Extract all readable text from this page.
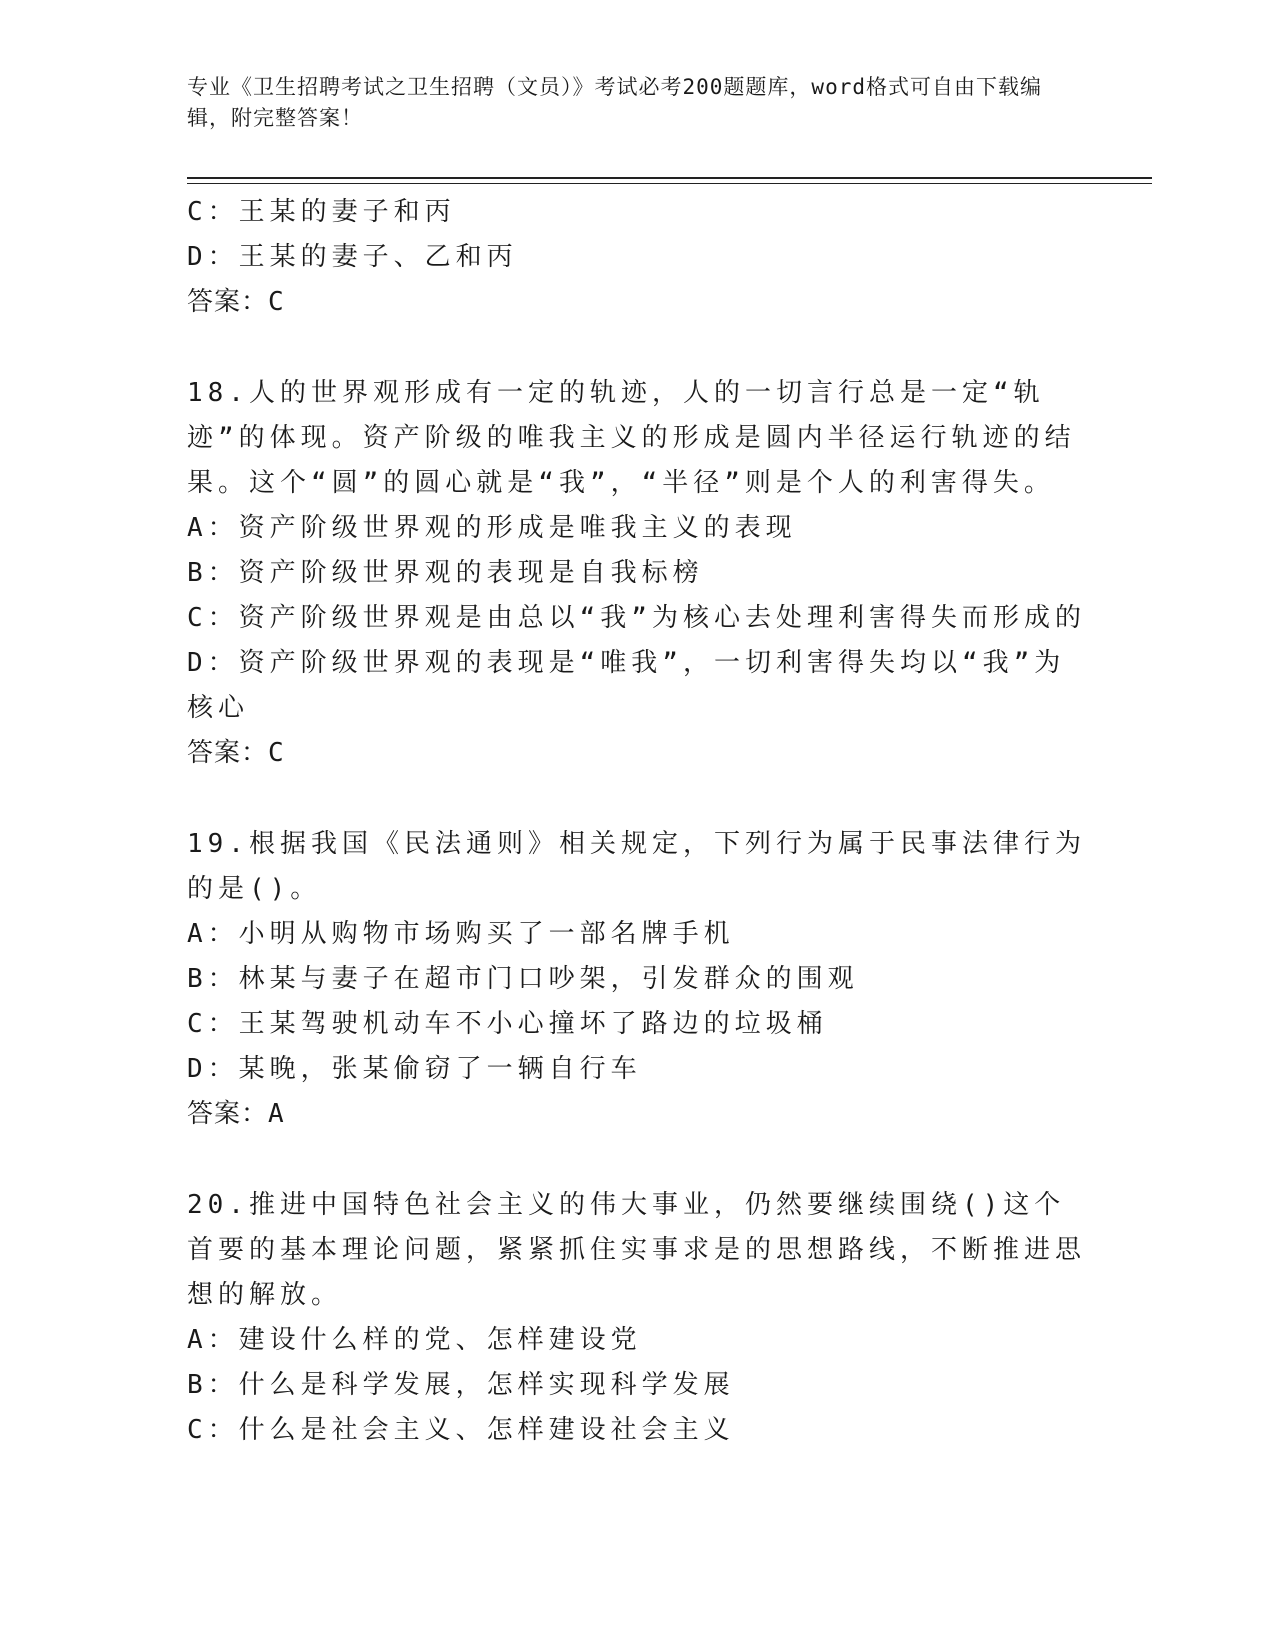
专业《卫生招聘考试之卫生招聘（文员）》考试必考200题题库，word格式可自由下载编辑，附完整答案！
C：王某的妻子和丙
D：王某的妻子、乙和丙
答案：C
18.人的世界观形成有一定的轨迹，人的一切言行总是一定“轨迹”的体现。资产阶级的唯我主义的形成是圆内半径运行轨迹的结果。这个“圆”的圆心就是“我”，“半径”则是个人的利害得失。
A：资产阶级世界观的形成是唯我主义的表现
B：资产阶级世界观的表现是自我标榜
C：资产阶级世界观是由总以“我”为核心去处理利害得失而形成的
D：资产阶级世界观的表现是“唯我”，一切利害得失均以“我”为核心
答案：C
19.根据我国《民法通则》相关规定，下列行为属于民事法律行为的是()。
A：小明从购物市场购买了一部名牌手机
B：林某与妻子在超市门口吵架，引发群众的围观
C：王某驾驶机动车不小心撞坏了路边的垃圾桶
D：某晚，张某偷窃了一辆自行车
答案：A
20.推进中国特色社会主义的伟大事业，仍然要继续围绕()这个首要的基本理论问题，紧紧抓住实事求是的思想路线，不断推进思想的解放。
A：建设什么样的党、怎样建设党
B：什么是科学发展，怎样实现科学发展
C：什么是社会主义、怎样建设社会主义
